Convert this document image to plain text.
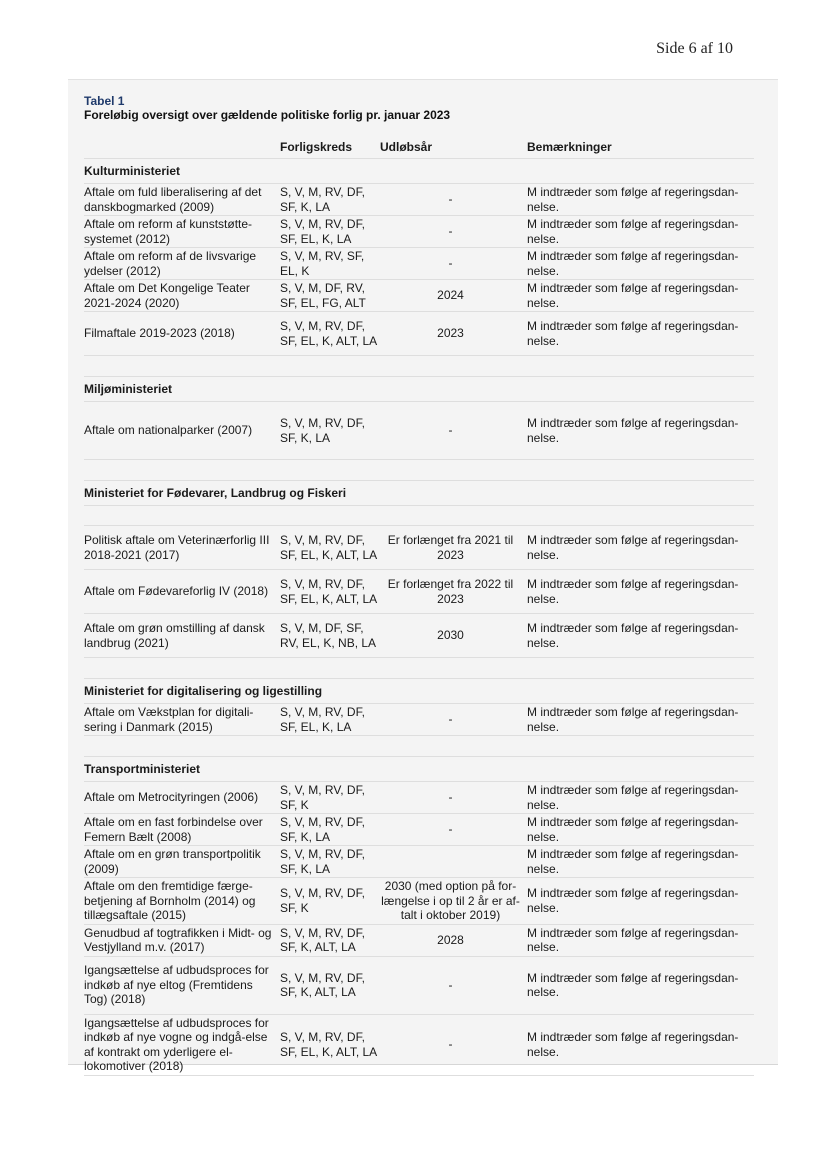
Side 6 af 10
Tabel 1
Foreløbig oversigt over gældende politiske forlig pr. januar 2023
	Forligskreds	Udløbsår	Bemærkninger
Kulturministeriet			
Aftale om fuld liberalisering af det danskbogmarked (2009)	S, V, M, RV, DF, SF, K, LA	-	M indtræder som følge af regeringsdan-nelse.
Aftale om reform af kunststøtte-systemet (2012)	S, V, M, RV, DF, SF, EL, K, LA	-	M indtræder som følge af regeringsdan-nelse.
Aftale om reform af de livsvarige ydelser (2012)	S, V, M, RV, SF, EL, K	-	M indtræder som følge af regeringsdan-nelse.
Aftale om Det Kongelige Teater 2021-2024 (2020)	S, V, M, DF, RV, SF, EL, FG, ALT	2024	M indtræder som følge af regeringsdan-nelse.
Filmaftale 2019-2023 (2018)	S, V, M, RV, DF, SF, EL, K, ALT, LA	2023	M indtræder som følge af regeringsdan-nelse.

Miljøministeriet			
Aftale om nationalparker (2007)	S, V, M, RV, DF, SF, K, LA	-	M indtræder som følge af regeringsdan-nelse.

Ministeriet for Fødevarer, Landbrug og Fiskeri			

Politisk aftale om Veterinærforlig III 2018-2021 (2017)	S, V, M, RV, DF, SF, EL, K, ALT, LA	Er forlænget fra 2021 til 2023	M indtræder som følge af regeringsdan-nelse.
Aftale om Fødevareforlig IV (2018)	S, V, M, RV, DF, SF, EL, K, ALT, LA	Er forlænget fra 2022 til 2023	M indtræder som følge af regeringsdan-nelse.
Aftale om grøn omstilling af dansk landbrug (2021)	S, V, M, DF, SF, RV, EL, K, NB, LA	2030	M indtræder som følge af regeringsdan-nelse.

Ministeriet for digitalisering og ligestilling			
Aftale om Vækstplan for digitali-sering i Danmark (2015)	S, V, M, RV, DF, SF, EL, K, LA	-	M indtræder som følge af regeringsdan-nelse.

Transportministeriet			
Aftale om Metrocityringen (2006)	S, V, M, RV, DF, SF, K	-	M indtræder som følge af regeringsdan-nelse.
Aftale om en fast forbindelse over Femern Bælt (2008)	S, V, M, RV, DF, SF, K, LA	-	M indtræder som følge af regeringsdan-nelse.
Aftale om en grøn transportpolitik (2009)	S, V, M, RV, DF, SF, K, LA		M indtræder som følge af regeringsdan-nelse.
Aftale om den fremtidige færge-betjening af Bornholm (2014) og tillægsaftale (2015)	S, V, M, RV, DF, SF, K	2030 (med option på for-længelse i op til 2 år er af-talt i oktober 2019)	M indtræder som følge af regeringsdan-nelse.
Genudbud af togtrafikken i Midt- og Vestjylland m.v. (2017)	S, V, M, RV, DF, SF, K, ALT, LA	2028	M indtræder som følge af regeringsdan-nelse.
Igangsættelse af udbudsproces for indkøb af nye eltog (Fremtidens Tog) (2018)	S, V, M, RV, DF, SF, K, ALT, LA	-	M indtræder som følge af regeringsdan-nelse.
Igangsættelse af udbudsproces for indkøb af nye vogne og indgå-else af kontrakt om yderligere el-lokomotiver (2018)	S, V, M, RV, DF, SF, EL, K, ALT, LA	-	M indtræder som følge af regeringsdan-nelse.
